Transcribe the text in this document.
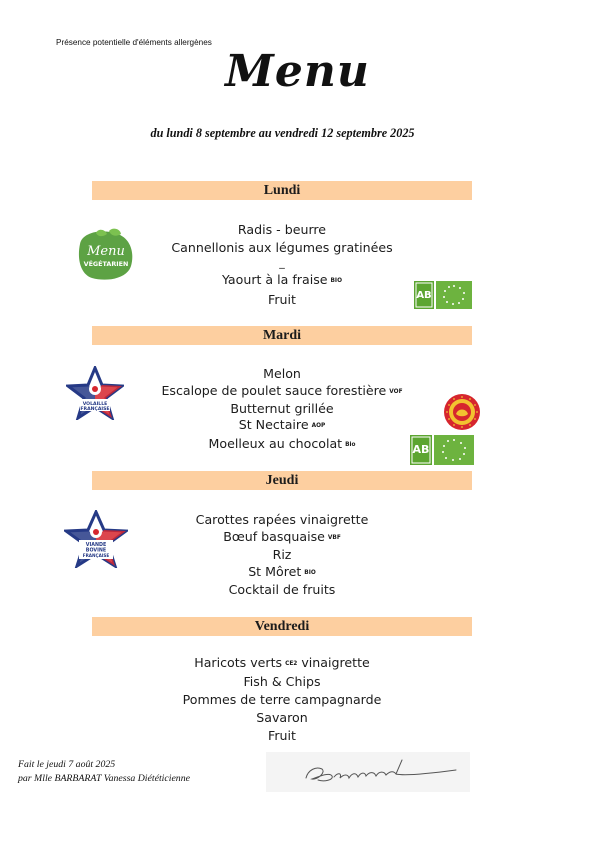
Présence potentielle d'éléments allergènes
Menu
du lundi 8 septembre au vendredi 12 septembre 2025
Lundi
Radis - beurre
Cannellonis aux légumes gratinées
_
Yaourt à la fraise BIO
Fruit
Mardi
Melon
Escalope de poulet sauce forestière VOF
Butternut grillée
St Nectaire AOP
Moelleux au chocolat Bio
Jeudi
Carottes rapées vinaigrette
Bœuf basquaise VBF
Riz
St Môret BIO
Cocktail de fruits
Vendredi
Haricots verts CE2 vinaigrette
Fish & Chips
Pommes de terre campagnarde
Savaron
Fruit
Menu
VÉGÉTARIEN
AB
VOLAILLE
FRANÇAISE
AB
VIANDE
BOVINE
FRANÇAISE
Fait le jeudi 7 août 2025
par Mlle BARBARAT Vanessa Diététicienne
